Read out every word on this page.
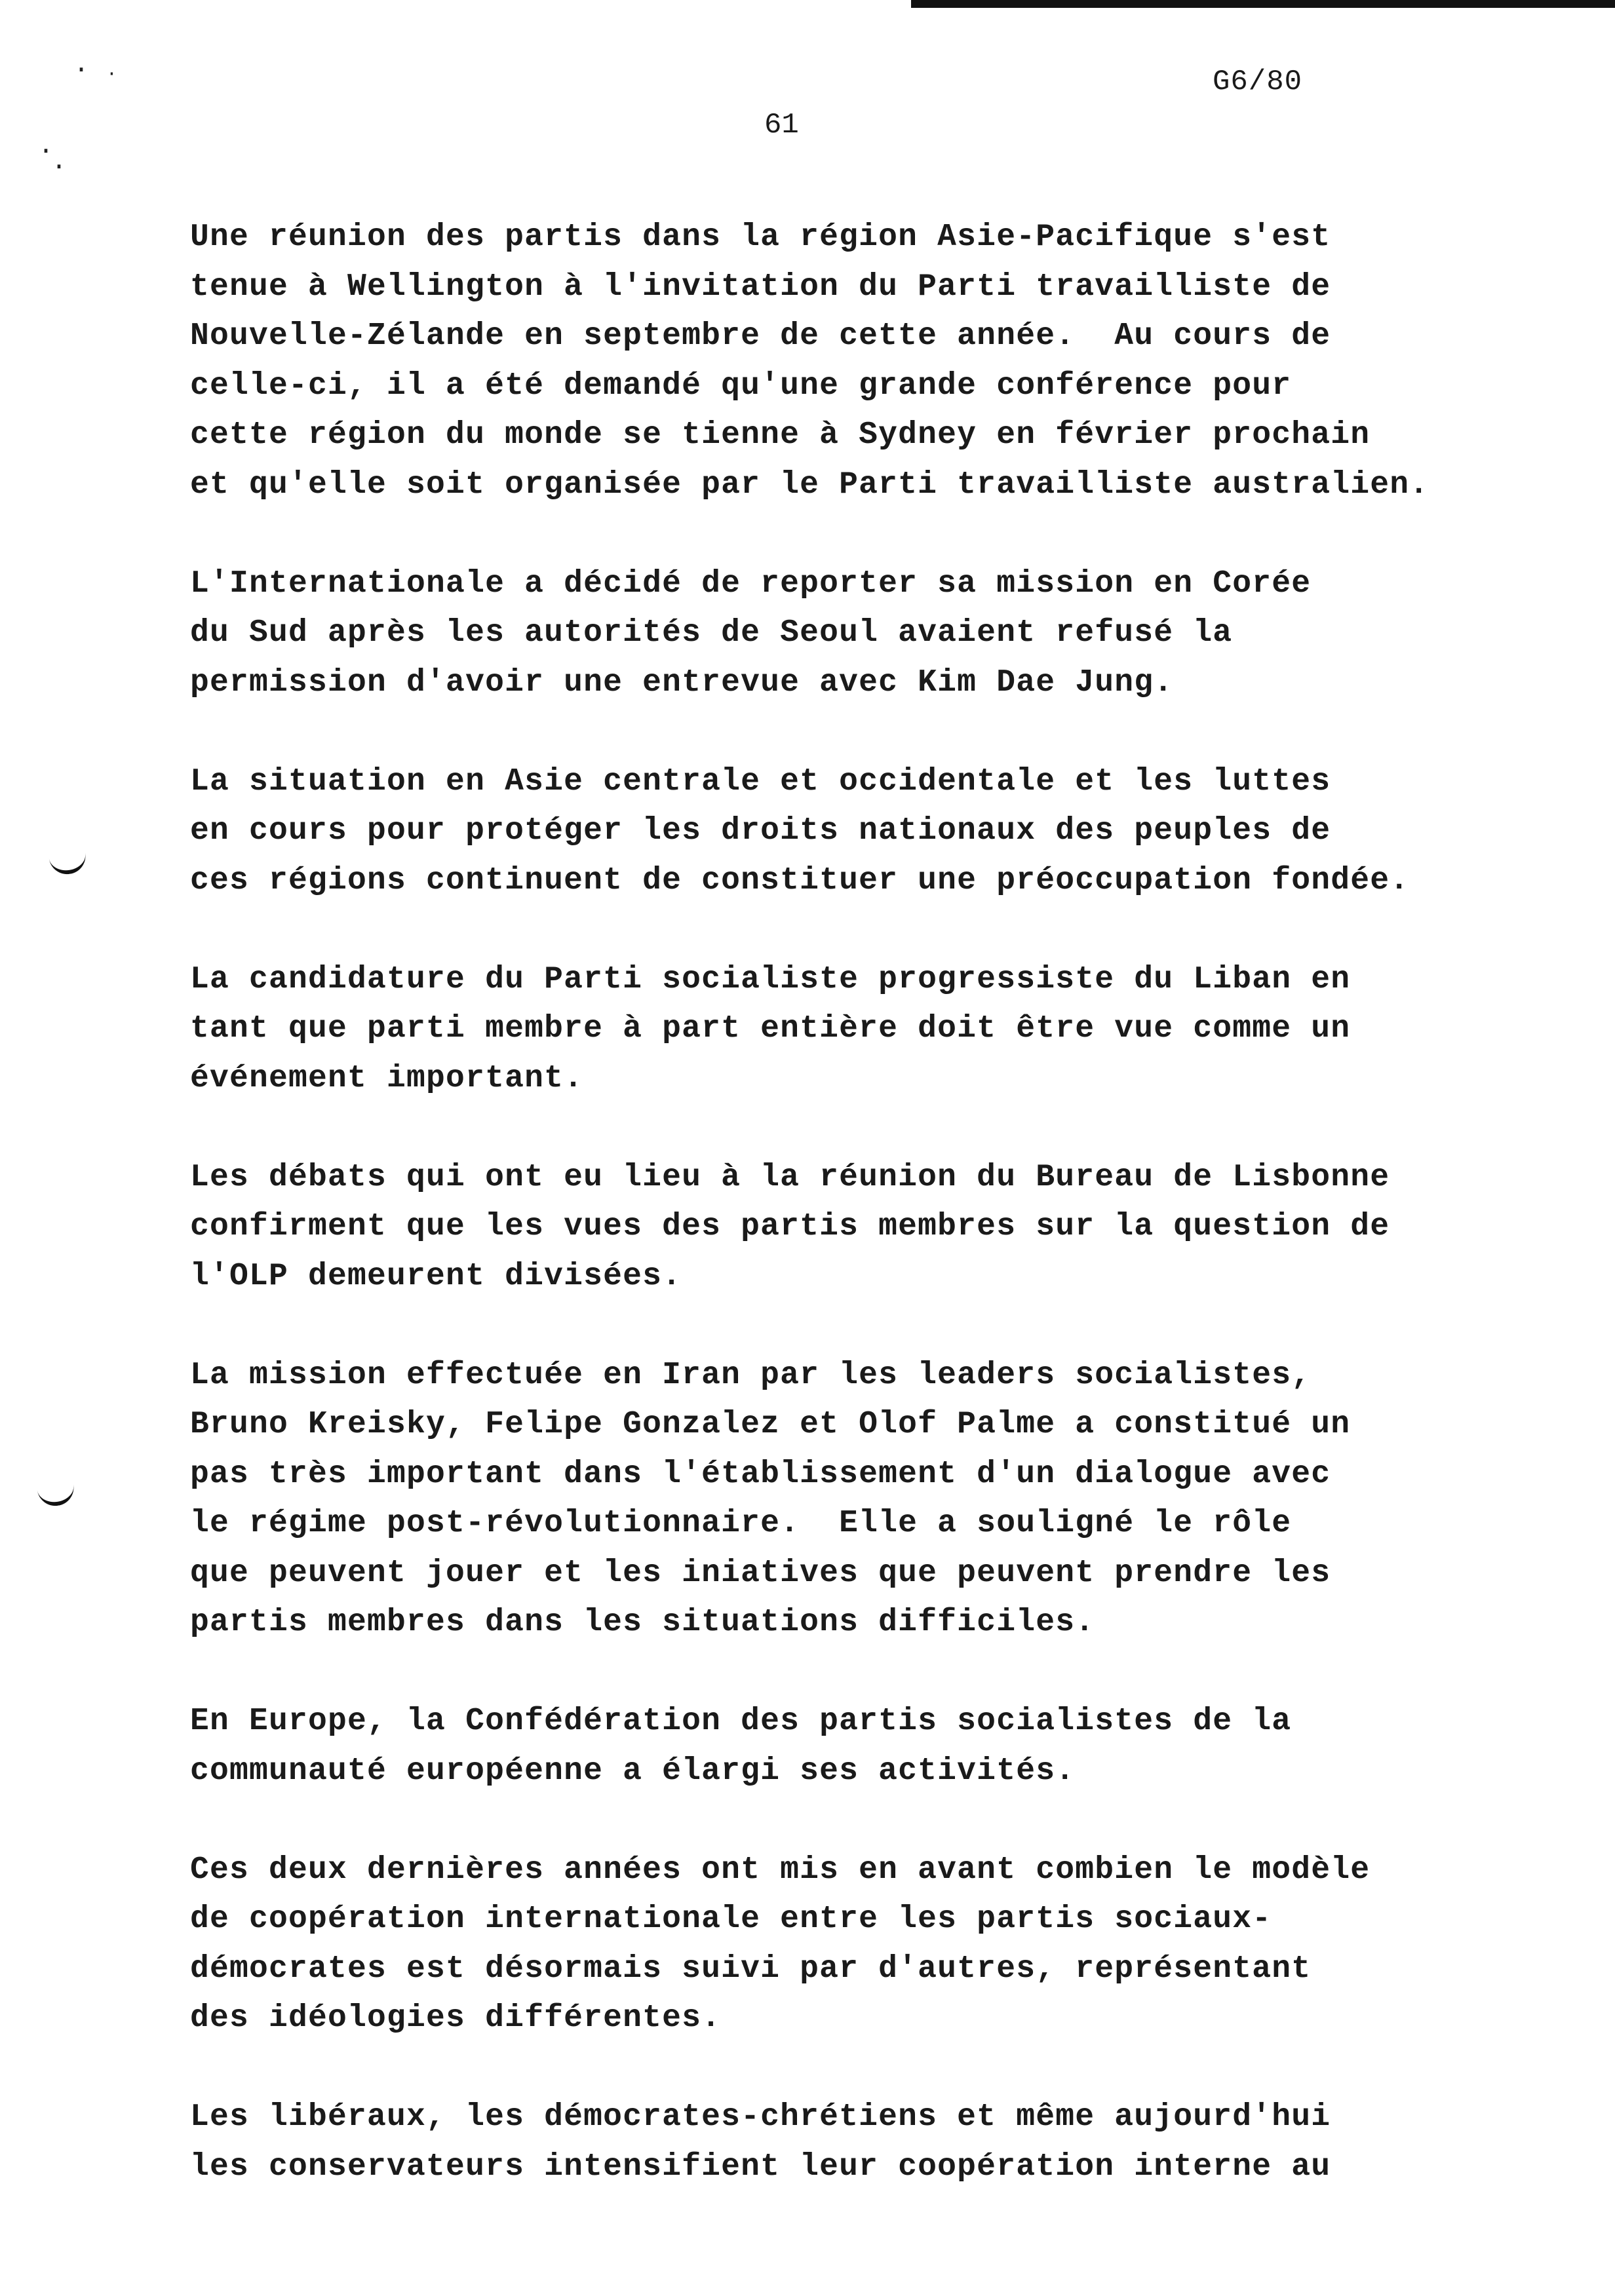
· ·
·
·
G6/80
61

Une réunion des partis dans la région Asie-Pacifique s'est
tenue à Wellington à l'invitation du Parti travailliste de
Nouvelle-Zélande en septembre de cette année.  Au cours de
celle-ci, il a été demandé qu'une grande conférence pour
cette région du monde se tienne à Sydney en février prochain
et qu'elle soit organisée par le Parti travailliste australien.

L'Internationale a décidé de reporter sa mission en Corée
du Sud après les autorités de Seoul avaient refusé la
permission d'avoir une entrevue avec Kim Dae Jung.

La situation en Asie centrale et occidentale et les luttes
en cours pour protéger les droits nationaux des peuples de
ces régions continuent de constituer une préoccupation fondée.

La candidature du Parti socialiste progressiste du Liban en
tant que parti membre à part entière doit être vue comme un
événement important.

Les débats qui ont eu lieu à la réunion du Bureau de Lisbonne
confirment que les vues des partis membres sur la question de
l'OLP demeurent divisées.

La mission effectuée en Iran par les leaders socialistes,
Bruno Kreisky, Felipe Gonzalez et Olof Palme a constitué un
pas très important dans l'établissement d'un dialogue avec
le régime post-révolutionnaire.  Elle a souligné le rôle
que peuvent jouer et les iniatives que peuvent prendre les
partis membres dans les situations difficiles.

En Europe, la Confédération des partis socialistes de la
communauté européenne a élargi ses activités.

Ces deux dernières années ont mis en avant combien le modèle
de coopération internationale entre les partis sociaux-
démocrates est désormais suivi par d'autres, représentant
des idéologies différentes.

Les libéraux, les démocrates-chrétiens et même aujourd'hui
les conservateurs intensifient leur coopération interne au
